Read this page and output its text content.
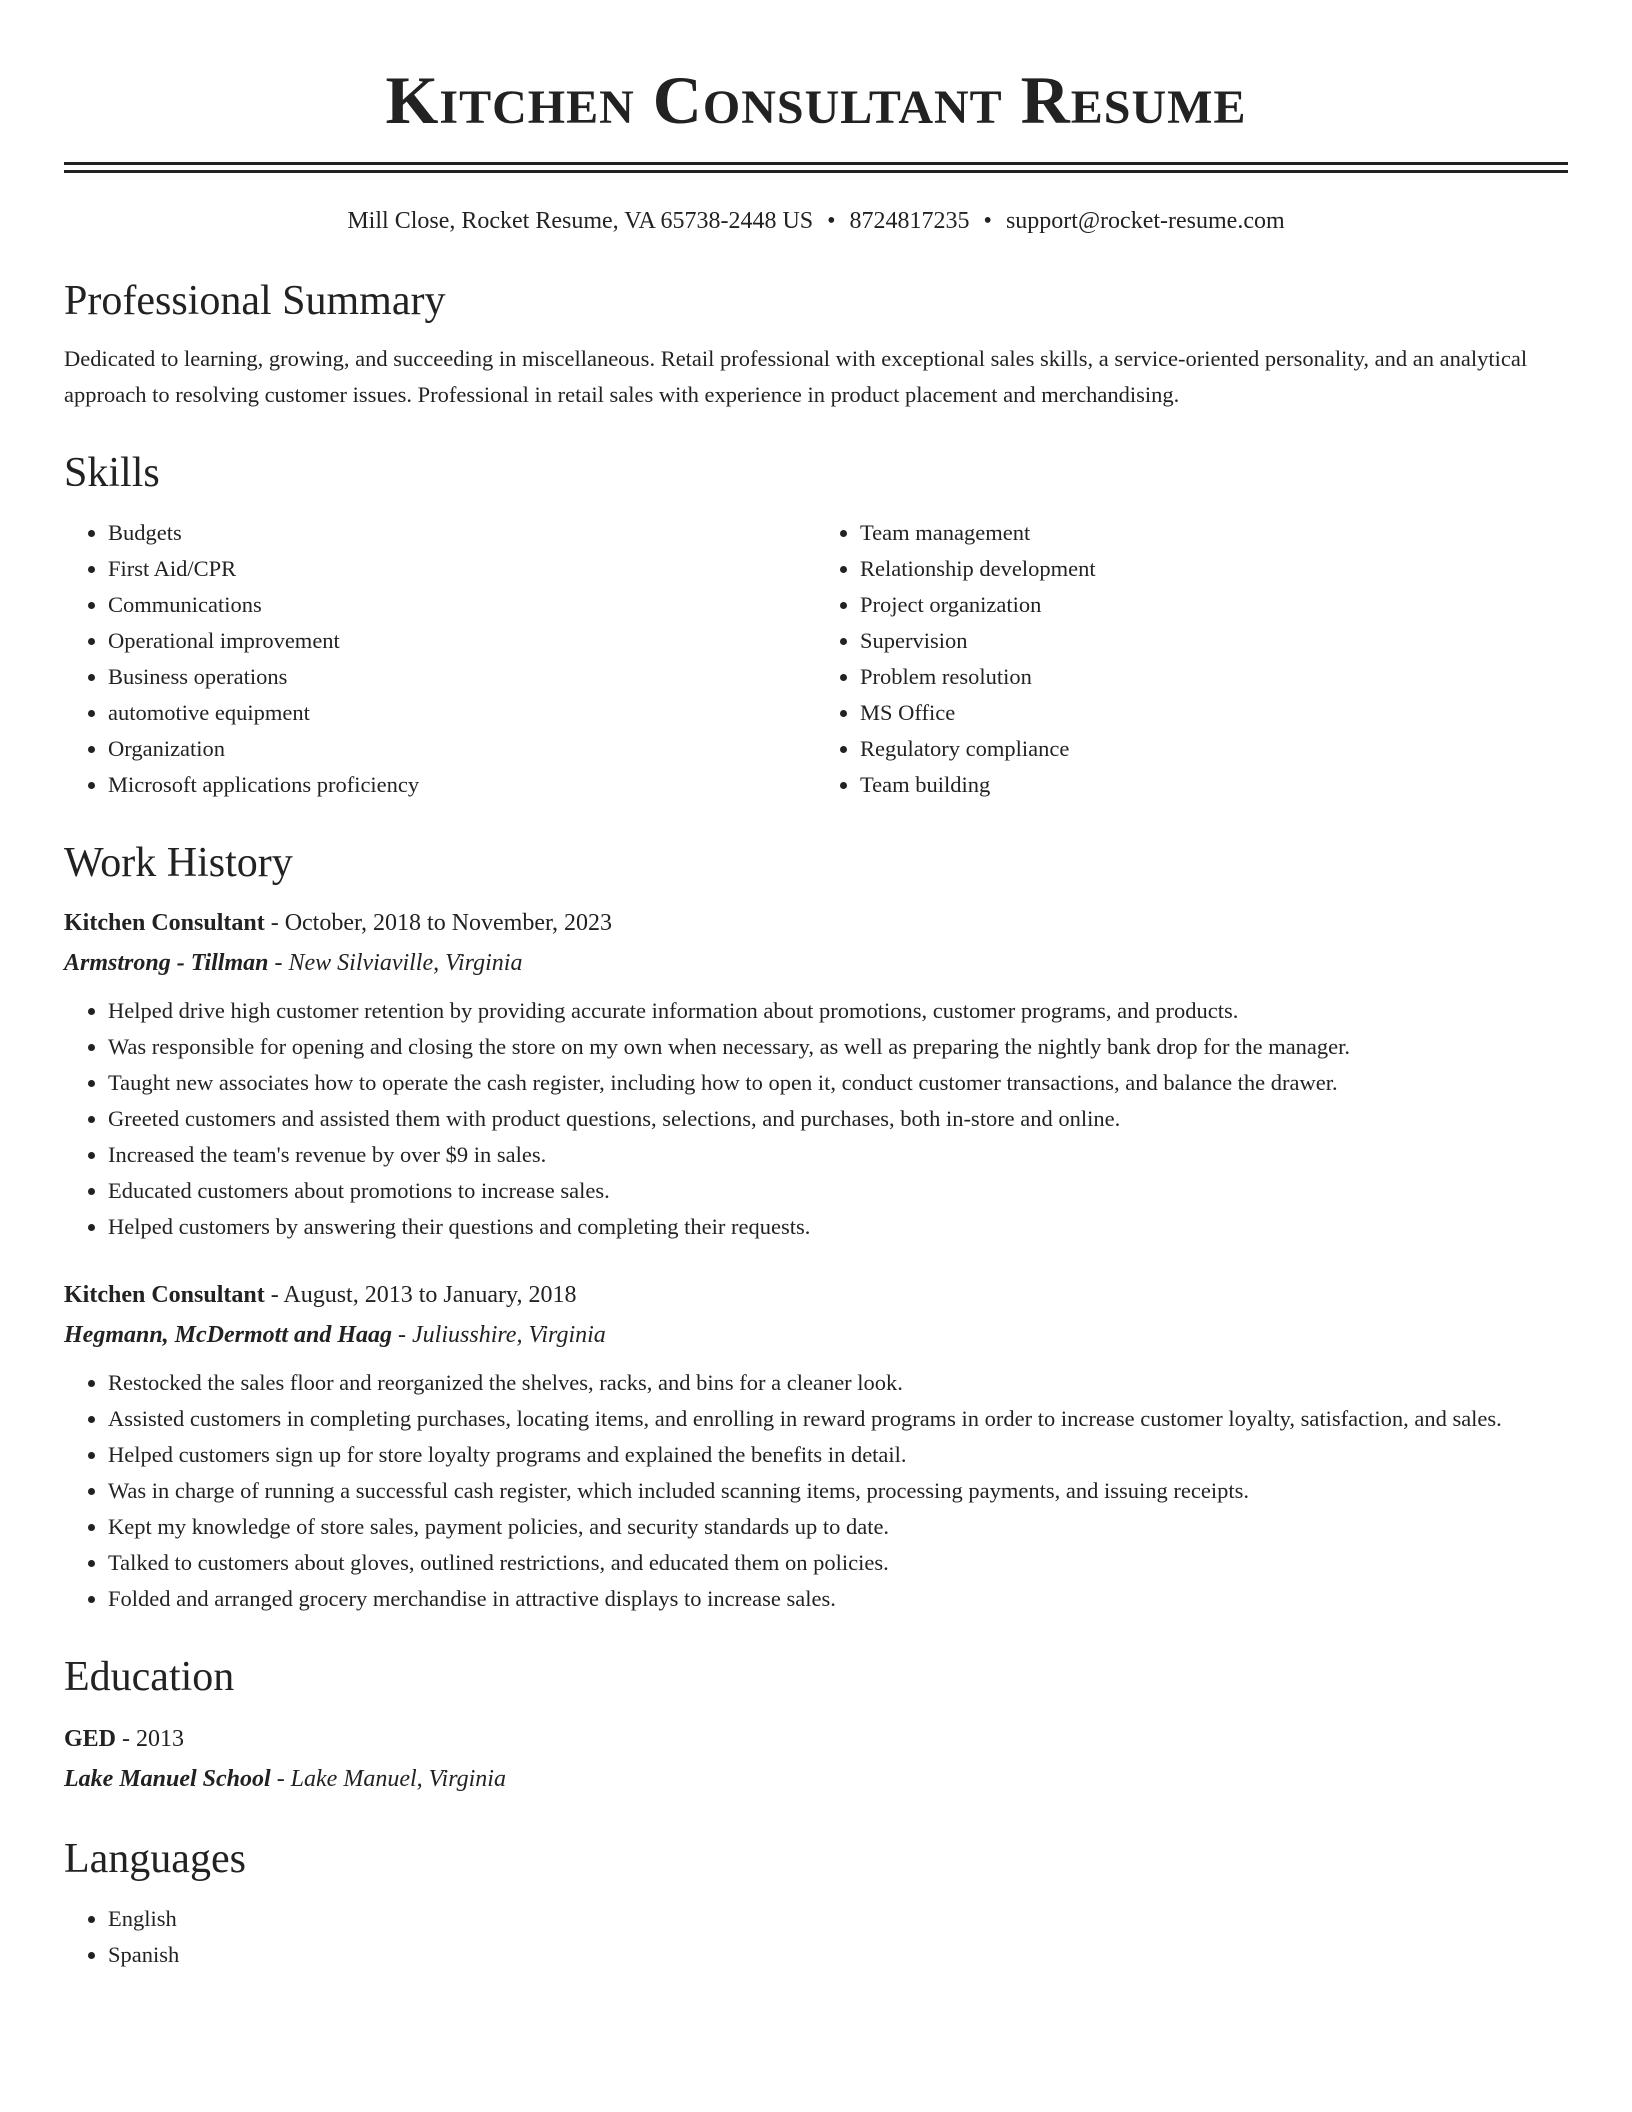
Kitchen Consultant Resume
Mill Close, Rocket Resume, VA 65738-2448 US • 8724817235 • support@rocket-resume.com
Professional Summary
Dedicated to learning, growing, and succeeding in miscellaneous. Retail professional with exceptional sales skills, a service-oriented personality, and an analytical approach to resolving customer issues. Professional in retail sales with experience in product placement and merchandising.
Skills
• Budgets
• First Aid/CPR
• Communications
• Operational improvement
• Business operations
• automotive equipment
• Organization
• Microsoft applications proficiency
• Team management
• Relationship development
• Project organization
• Supervision
• Problem resolution
• MS Office
• Regulatory compliance
• Team building
Work History
Kitchen Consultant - October, 2018 to November, 2023
Armstrong - Tillman - New Silviaville, Virginia
• Helped drive high customer retention by providing accurate information about promotions, customer programs, and products.
• Was responsible for opening and closing the store on my own when necessary, as well as preparing the nightly bank drop for the manager.
• Taught new associates how to operate the cash register, including how to open it, conduct customer transactions, and balance the drawer.
• Greeted customers and assisted them with product questions, selections, and purchases, both in-store and online.
• Increased the team's revenue by over $9 in sales.
• Educated customers about promotions to increase sales.
• Helped customers by answering their questions and completing their requests.
Kitchen Consultant - August, 2013 to January, 2018
Hegmann, McDermott and Haag - Juliusshire, Virginia
• Restocked the sales floor and reorganized the shelves, racks, and bins for a cleaner look.
• Assisted customers in completing purchases, locating items, and enrolling in reward programs in order to increase customer loyalty, satisfaction, and sales.
• Helped customers sign up for store loyalty programs and explained the benefits in detail.
• Was in charge of running a successful cash register, which included scanning items, processing payments, and issuing receipts.
• Kept my knowledge of store sales, payment policies, and security standards up to date.
• Talked to customers about gloves, outlined restrictions, and educated them on policies.
• Folded and arranged grocery merchandise in attractive displays to increase sales.
Education
GED - 2013
Lake Manuel School - Lake Manuel, Virginia
Languages
• English
• Spanish
